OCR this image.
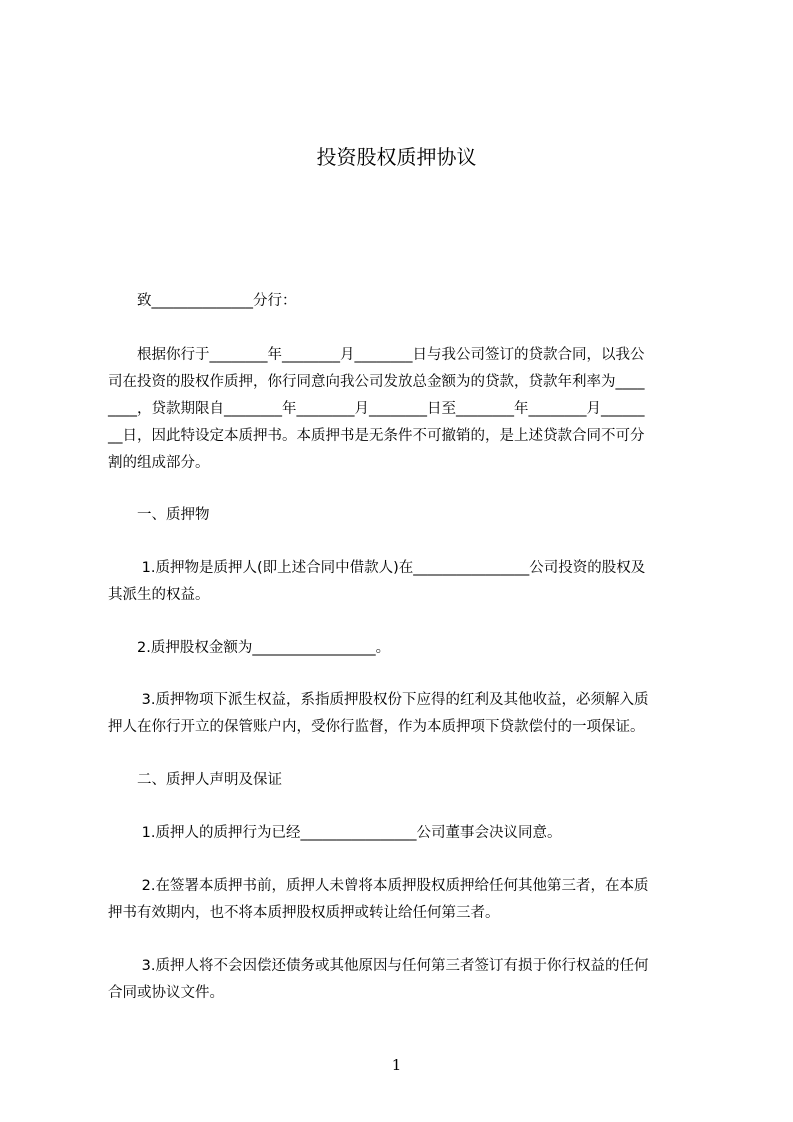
投资股权质押协议
　　致______________分行：
　　根据你行于________年________月________日与我公司签订的贷款合同，以我公
司在投资的股权作质押，你行同意向我公司发放总金额为的贷款，贷款年利率为____
____，贷款期限自________年________月________日至________年________月______
__日，因此特设定本质押书。本质押书是无条件不可撤销的，是上述贷款合同不可分
割的组成部分。
　　一、质押物
　　 1.质押物是质押人(即上述合同中借款人)在________________公司投资的股权及
其派生的权益。
　　2.质押股权金额为_________________。
　　 3.质押物项下派生权益，系指质押股权份下应得的红利及其他收益，必须解入质
押人在你行开立的保管账户内，受你行监督，作为本质押项下贷款偿付的一项保证。
　　二、质押人声明及保证
　　 1.质押人的质押行为已经________________公司董事会决议同意。
　　 2.在签署本质押书前，质押人未曾将本质押股权质押给任何其他第三者，在本质
押书有效期内，也不将本质押股权质押或转让给任何第三者。
　　 3.质押人将不会因偿还债务或其他原因与任何第三者签订有损于你行权益的任何
合同或协议文件。
1
